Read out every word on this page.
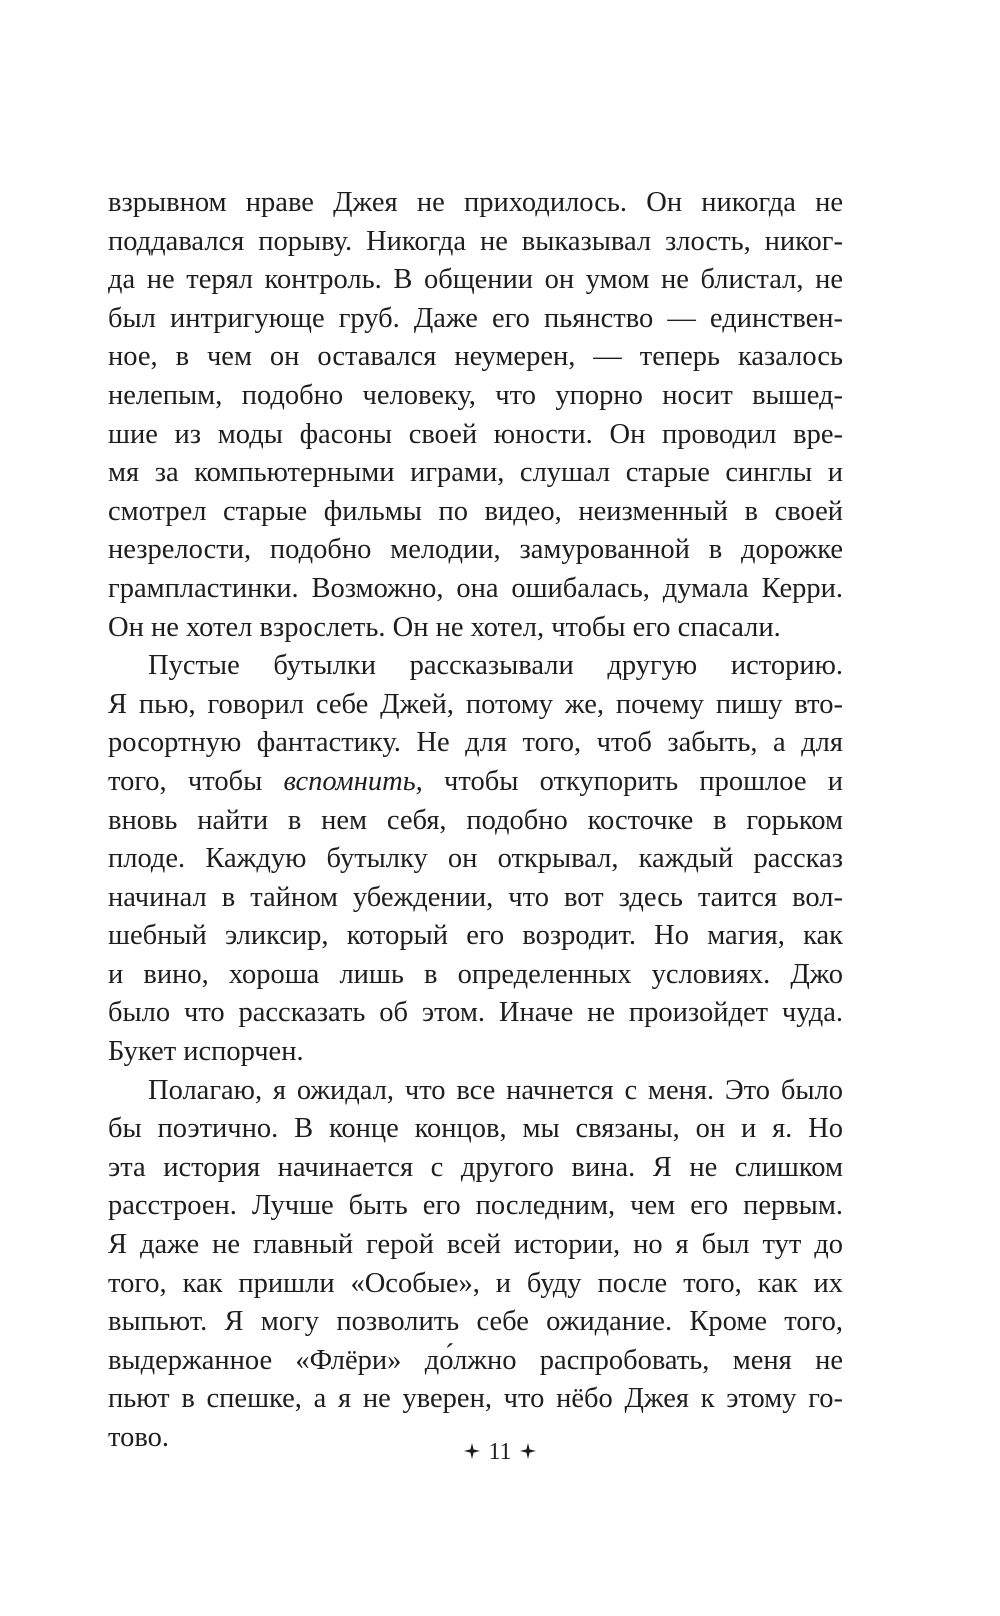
взрывном нраве Джея не приходилось. Он никогда не
поддавался порыву. Никогда не выказывал злость, никог-
да не терял контроль. В общении он умом не блистал, не
был интригующе груб. Даже его пьянство — единствен-
ное, в чем он оставался неумерен, — теперь казалось
нелепым, подобно человеку, что упорно носит вышед-
шие из моды фасоны своей юности. Он проводил вре-
мя за компьютерными играми, слушал старые синглы и
смотрел старые фильмы по видео, неизменный в своей
незрелости, подобно мелодии, замурованной в дорожке
грампластинки. Возможно, она ошибалась, думала Керри.
Он не хотел взрослеть. Он не хотел, чтобы его спасали.
Пустые бутылки рассказывали другую историю.
Я пью, говорил себе Джей, потому же, почему пишу вто-
росортную фантастику. Не для того, чтоб забыть, а для
того, чтобы вспомнить, чтобы откупорить прошлое и
вновь найти в нем себя, подобно косточке в горьком
плоде. Каждую бутылку он открывал, каждый рассказ
начинал в тайном убеждении, что вот здесь таится вол-
шебный эликсир, который его возродит. Но магия, как
и вино, хороша лишь в определенных условиях. Джо
было что рассказать об этом. Иначе не произойдет чуда.
Букет испорчен.
Полагаю, я ожидал, что все начнется с меня. Это было
бы поэтично. В конце концов, мы связаны, он и я. Но
эта история начинается с другого вина. Я не слишком
расстроен. Лучше быть его последним, чем его первым.
Я даже не главный герой всей истории, но я был тут до
того, как пришли «Особые», и буду после того, как их
выпьют. Я могу позволить себе ожидание. Кроме того,
выдержанное «Флёри» до́лжно распробовать, меня не
пьют в спешке, а я не уверен, что нёбо Джея к этому го-
тово.	11
